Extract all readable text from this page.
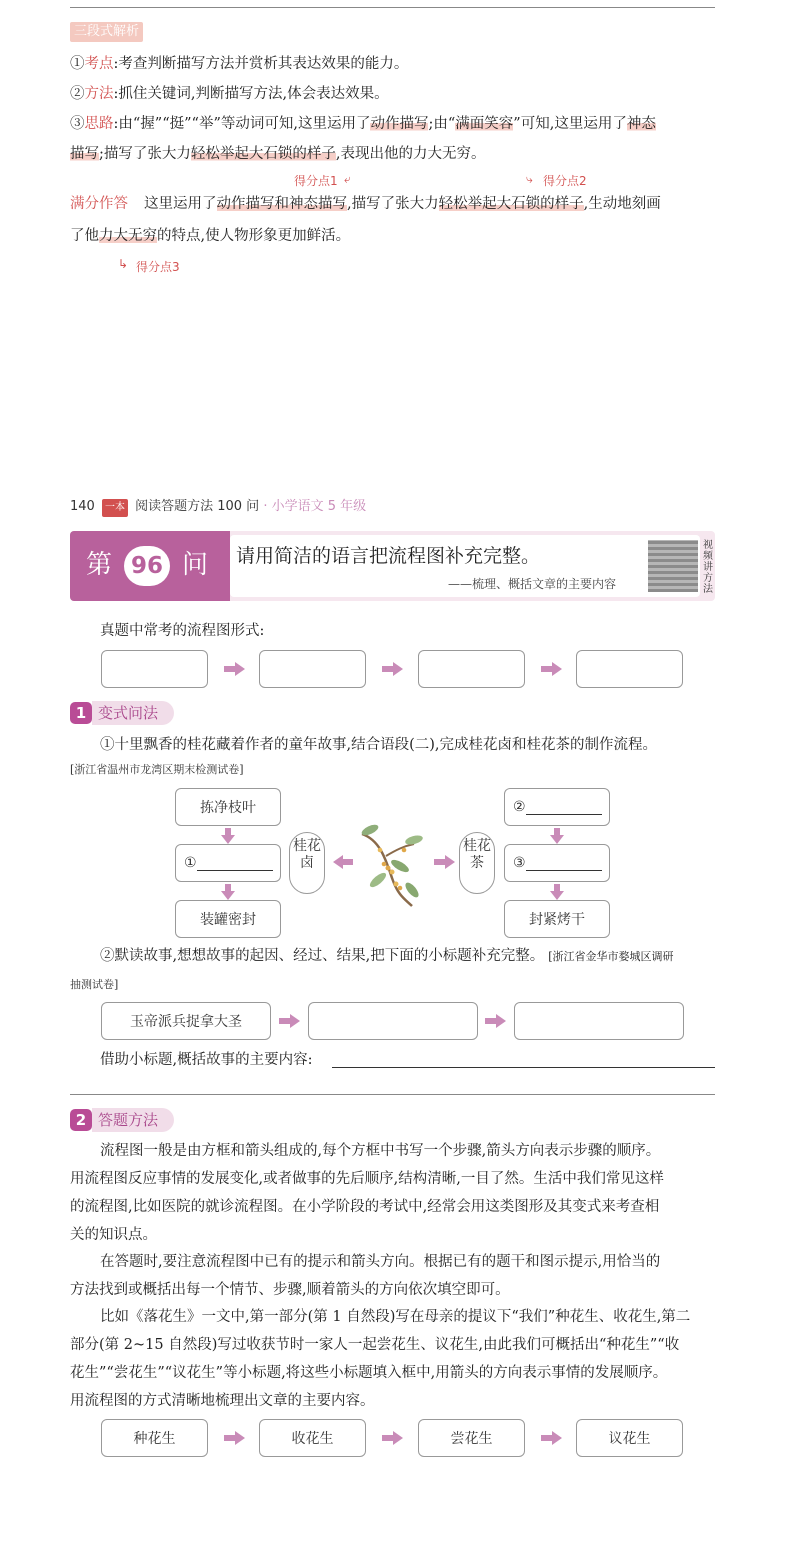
三段式解析
①考点:考查判断描写方法并赏析其表达效果的能力。
②方法:抓住关键词,判断描写方法,体会表达效果。
③思路:由“握”“挺”“举”等动词可知,这里运用了动作描写;由“满面笑容”可知,这里运用了神态
描写;描写了张大力轻松举起大石锁的样子,表现出他的力大无穷。
得分点1 ⤶	⤷ 得分点2
满分作答 这里运用了动作描写和神态描写,描写了张大力轻松举起大石锁的样子,生动地刻画
了他力大无穷的特点,使人物形象更加鲜活。
↳ 得分点3
140 一本 阅读答题方法 100 问 · 小学语文 5 年级
第 96 问 请用简洁的语言把流程图补充完整。
——梳理、概括文章的主要内容
视频讲方法
真题中常考的流程图形式:
1 变式问法
①十里飘香的桂花藏着作者的童年故事,结合语段(二),完成桂花卤和桂花茶的制作流程。
[浙江省温州市龙湾区期末检测试卷]
拣净枝叶
①
装罐密封
桂花卤
桂花茶
②
③
封紧烤干
②默读故事,想想故事的起因、经过、结果,把下面的小标题补充完整。 [浙江省金华市婺城区调研
抽测试卷]
玉帝派兵捉拿大圣
借助小标题,概括故事的主要内容:
2 答题方法
流程图一般是由方框和箭头组成的,每个方框中书写一个步骤,箭头方向表示步骤的顺序。
用流程图反应事情的发展变化,或者做事的先后顺序,结构清晰,一目了然。生活中我们常见这样
的流程图,比如医院的就诊流程图。在小学阶段的考试中,经常会用这类图形及其变式来考查相
关的知识点。
在答题时,要注意流程图中已有的提示和箭头方向。根据已有的题干和图示提示,用恰当的
方法找到或概括出每一个情节、步骤,顺着箭头的方向依次填空即可。
比如《落花生》一文中,第一部分(第 1 自然段)写在母亲的提议下“我们”种花生、收花生,第二
部分(第 2~15 自然段)写过收获节时一家人一起尝花生、议花生,由此我们可概括出“种花生”“收
花生”“尝花生”“议花生”等小标题,将这些小标题填入框中,用箭头的方向表示事情的发展顺序。
用流程图的方式清晰地梳理出文章的主要内容。
种花生	收花生	尝花生	议花生
